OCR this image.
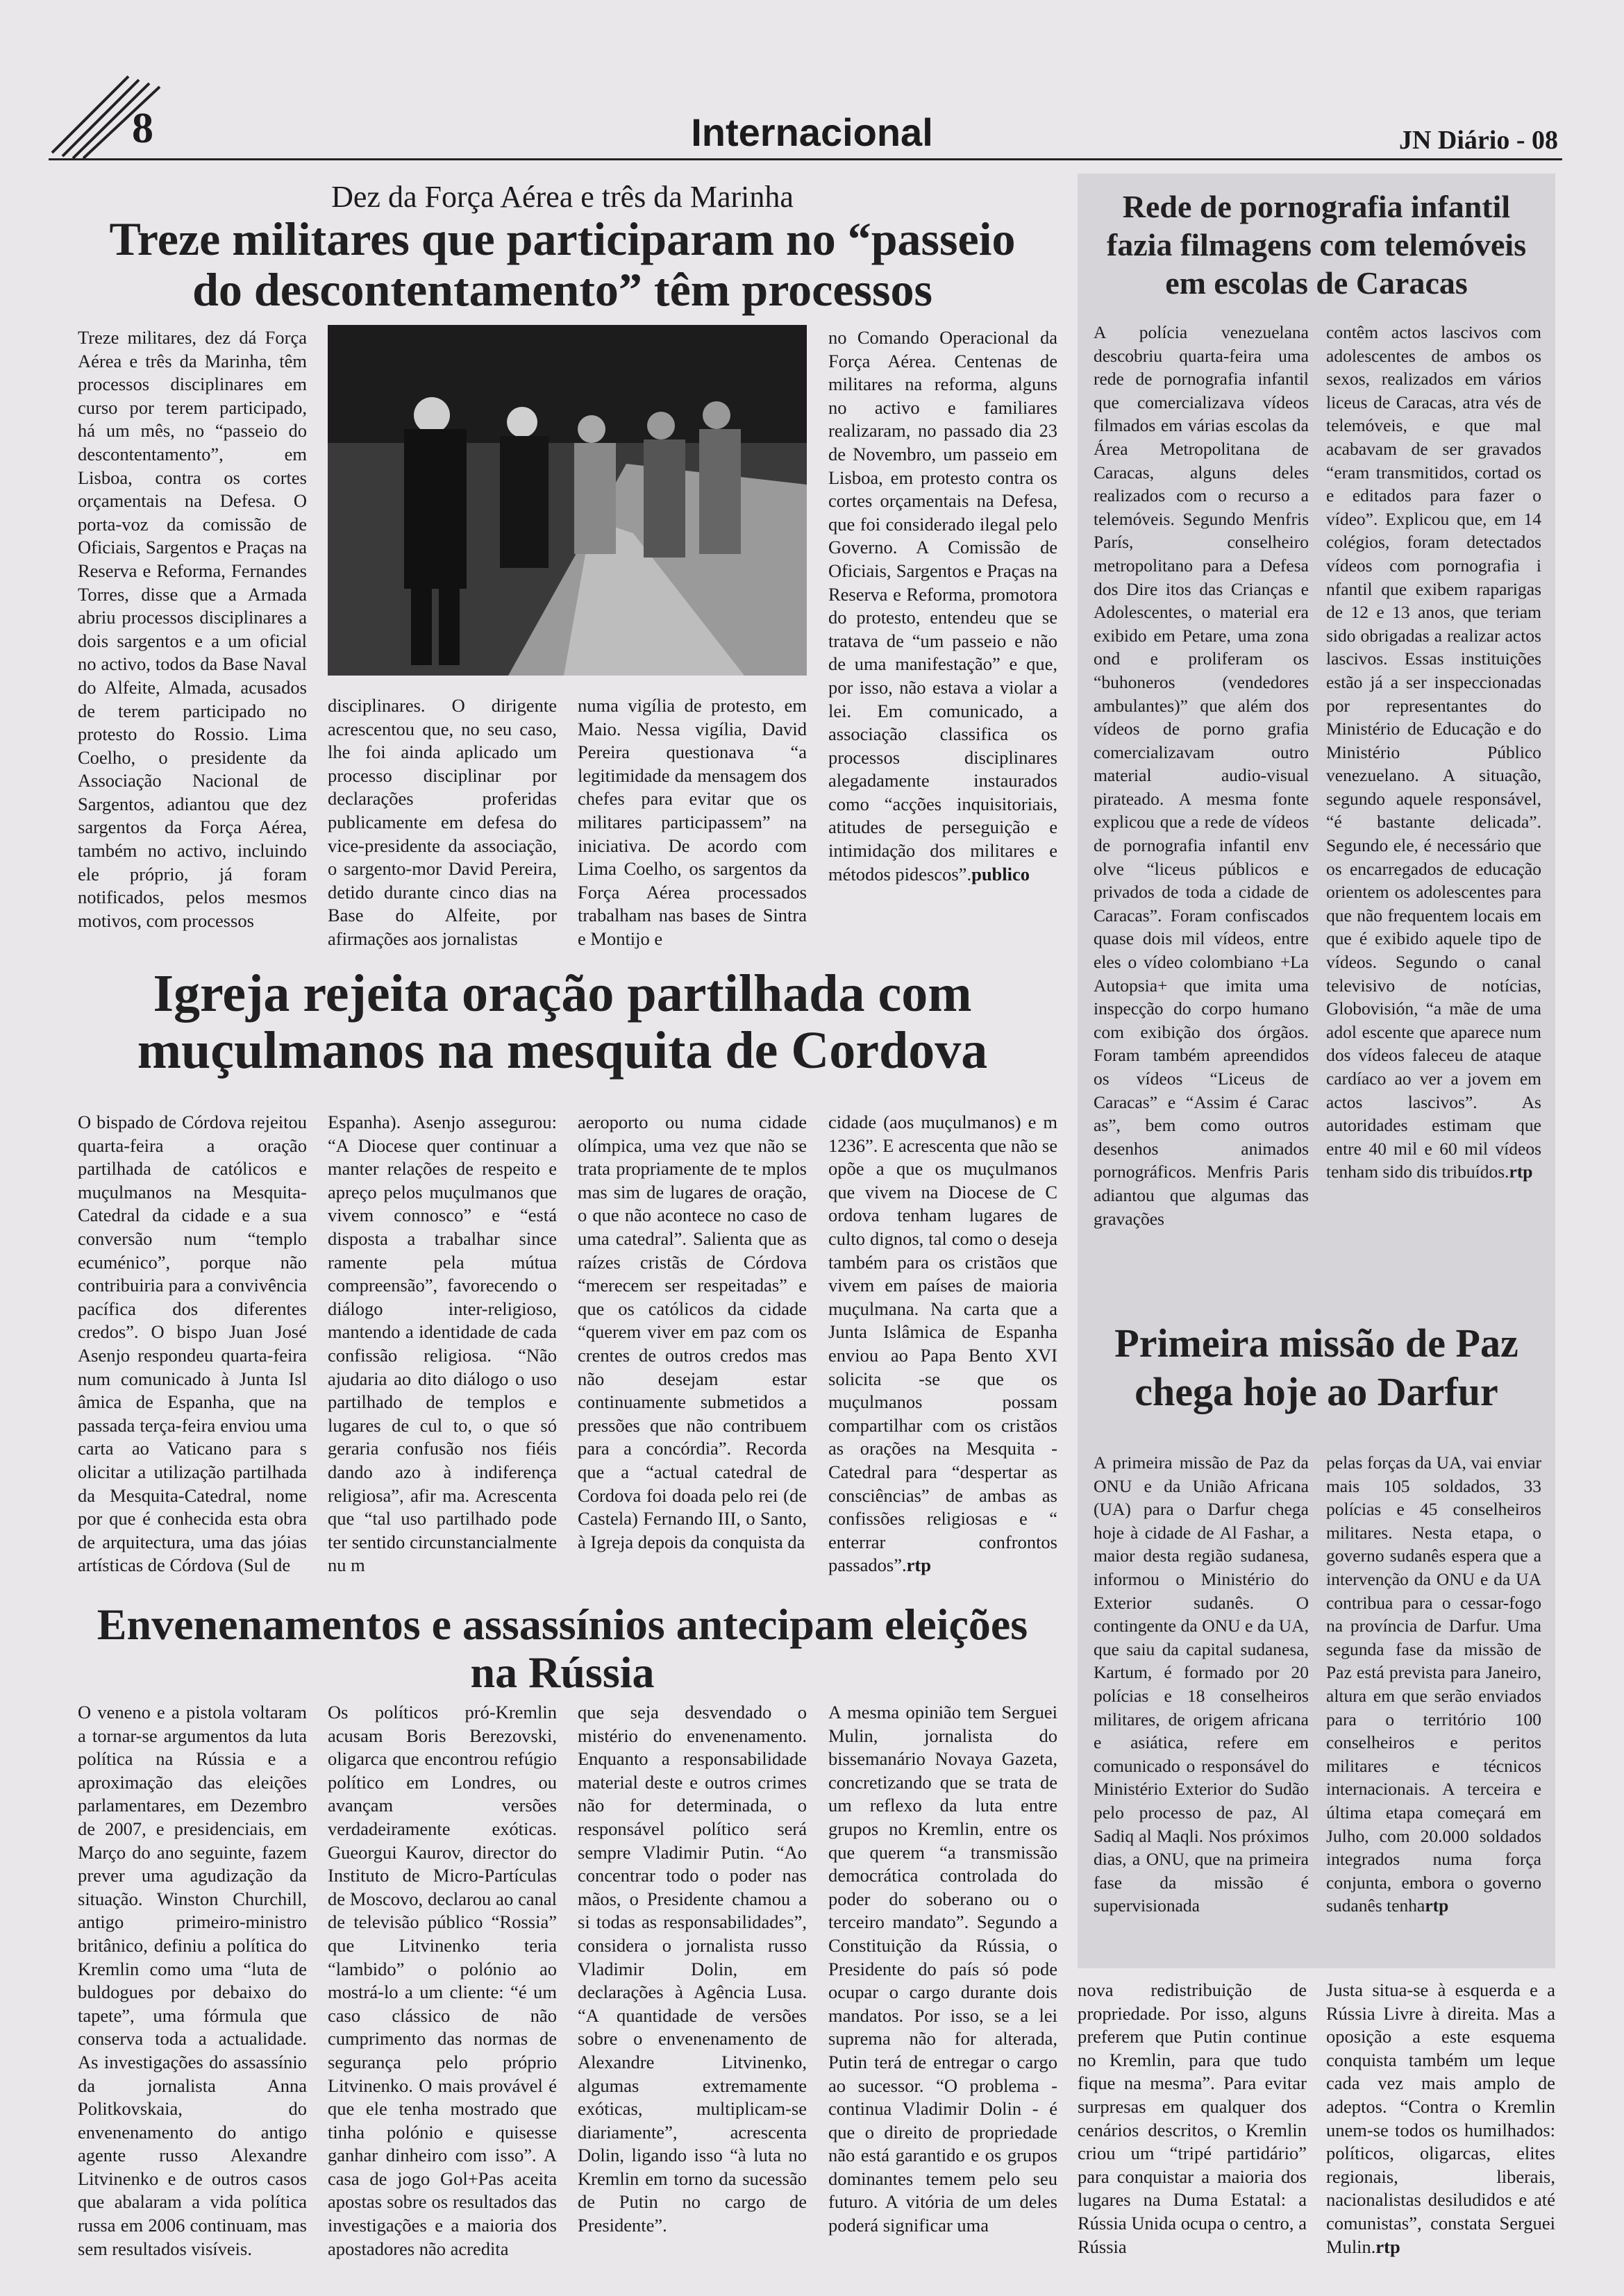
8	Internacional	JN Diário - 08
Dez da Força Aérea e três da Marinha
Treze militares que participaram no “passeio
do descontentamento” têm processos
Treze militares, dez dá Força Aérea e três da Marinha, têm processos disciplinares em curso por terem participado, há um mês, no “passeio do descontentamento”, em Lisboa, contra os cortes orçamentais na Defesa. O porta-voz da comissão de Oficiais, Sargentos e Praças na Reserva e Reforma, Fernandes Torres, disse que a Armada abriu processos disciplinares a dois sargentos e a um oficial no activo, todos da Base Naval do Alfeite, Almada, acusados de terem participado no protesto do Rossio. Lima Coelho, o presidente da Associação Nacional de Sargentos, adiantou que dez sargentos da Força Aérea, também no activo, incluindo ele próprio, já foram notificados, pelos mesmos motivos, com processos
disciplinares. O dirigente acrescentou que, no seu caso, lhe foi ainda aplicado um processo disciplinar por declarações proferidas publicamente em defesa do vice-presidente da associação, o sargento-mor David Pereira, detido durante cinco dias na Base do Alfeite, por afirmações aos jornalistas
numa vigília de protesto, em Maio. Nessa vigília, David Pereira questionava “a legitimidade da mensagem dos chefes para evitar que os militares participassem” na iniciativa. De acordo com Lima Coelho, os sargentos da Força Aérea processados trabalham nas bases de Sintra e Montijo e
no Comando Operacional da Força Aérea. Centenas de militares na reforma, alguns no activo e familiares realizaram, no passado dia 23 de Novembro, um passeio em Lisboa, em protesto contra os cortes orçamentais na Defesa, que foi considerado ilegal pelo Governo. A Comissão de Oficiais, Sargentos e Praças na Reserva e Reforma, promotora do protesto, entendeu que se tratava de “um passeio e não de uma manifestação” e que, por isso, não estava a violar a lei. Em comunicado, a associação classifica os processos disciplinares alegadamente instaurados como “acções inquisitoriais, atitudes de perseguição e intimidação dos militares e métodos pidescos”.publico
Igreja rejeita oração partilhada com
muçulmanos na mesquita de Cordova
O bispado de Córdova rejeitou quarta-feira a oração partilhada de católicos e muçulmanos na Mesquita-Catedral da cidade e a sua conversão num “templo ecuménico”, porque não contribuiria para a convivência pacífica dos diferentes credos”. O bispo Juan José Asenjo respondeu quarta-feira num comunicado à Junta Isl âmica de Espanha, que na passada terça-feira enviou uma carta ao Vaticano para s olicitar a utilização partilhada da Mesquita-Catedral, nome por que é conhecida esta obra de arquitectura, uma das jóias artísticas de Córdova (Sul de
Espanha). Asenjo assegurou: “A Diocese quer continuar a manter relações de respeito e apreço pelos muçulmanos que vivem connosco” e “está disposta a trabalhar since ramente pela mútua compreensão”, favorecendo o diálogo inter-religioso, mantendo a identidade de cada confissão religiosa. “Não ajudaria ao dito diálogo o uso partilhado de templos e lugares de cul to, o que só geraria confusão nos fiéis dando azo à indiferença religiosa”, afir ma. Acrescenta que “tal uso partilhado pode ter sentido circunstancialmente nu m
aeroporto ou numa cidade olímpica, uma vez que não se trata propriamente de te mplos mas sim de lugares de oração, o que não acontece no caso de uma catedral”. Salienta que as raízes cristãs de Córdova “merecem ser respeitadas” e que os católicos da cidade “querem viver em paz com os crentes de outros credos mas não desejam estar continuamente submetidos a pressões que não contribuem para a concórdia”. Recorda que a “actual catedral de Cordova foi doada pelo rei (de Castela) Fernando III, o Santo, à Igreja depois da conquista da
cidade (aos muçulmanos) e m 1236”. E acrescenta que não se opõe a que os muçulmanos que vivem na Diocese de C ordova tenham lugares de culto dignos, tal como o deseja também para os cristãos que vivem em países de maioria muçulmana. Na carta que a Junta Islâmica de Espanha enviou ao Papa Bento XVI solicita -se que os muçulmanos possam compartilhar com os cristãos as orações na Mesquita - Catedral para “despertar as consciências” de ambas as confissões religiosas e “ enterrar confrontos passados”.rtp
Envenenamentos e assassínios antecipam eleições
na Rússia
O veneno e a pistola voltaram a tornar-se argumentos da luta política na Rússia e a aproximação das eleições parlamentares, em Dezembro de 2007, e presidenciais, em Março do ano seguinte, fazem prever uma agudização da situação. Winston Churchill, antigo primeiro-ministro britânico, definiu a política do Kremlin como uma “luta de buldogues por debaixo do tapete”, uma fórmula que conserva toda a actualidade. As investigações do assassínio da jornalista Anna Politkovskaia, do envenenamento do antigo agente russo Alexandre Litvinenko e de outros casos que abalaram a vida política russa em 2006 continuam, mas sem resultados visíveis.
Os políticos pró-Kremlin acusam Boris Berezovski, oligarca que encontrou refúgio político em Londres, ou avançam versões verdadeiramente exóticas. Gueorgui Kaurov, director do Instituto de Micro-Partículas de Moscovo, declarou ao canal de televisão público “Rossia” que Litvinenko teria “lambido” o polónio ao mostrá-lo a um cliente: “é um caso clássico de não cumprimento das normas de segurança pelo próprio Litvinenko. O mais provável é que ele tenha mostrado que tinha polónio e quisesse ganhar dinheiro com isso”. A casa de jogo Gol+Pas aceita apostas sobre os resultados das investigações e a maioria dos apostadores não acredita
que seja desvendado o mistério do envenenamento. Enquanto a responsabilidade material deste e outros crimes não for determinada, o responsável político será sempre Vladimir Putin. “Ao concentrar todo o poder nas mãos, o Presidente chamou a si todas as responsabilidades”, considera o jornalista russo Vladimir Dolin, em declarações à Agência Lusa. “A quantidade de versões sobre o envenenamento de Alexandre Litvinenko, algumas extremamente exóticas, multiplicam-se diariamente”, acrescenta Dolin, ligando isso “à luta no Kremlin em torno da sucessão de Putin no cargo de Presidente”.
A mesma opinião tem Serguei Mulin, jornalista do bissemanário Novaya Gazeta, concretizando que se trata de um reflexo da luta entre grupos no Kremlin, entre os que querem “a transmissão democrática controlada do poder do soberano ou o terceiro mandato”. Segundo a Constituição da Rússia, o Presidente do país só pode ocupar o cargo durante dois mandatos. Por isso, se a lei suprema não for alterada, Putin terá de entregar o cargo ao sucessor. “O problema - continua Vladimir Dolin - é que o direito de propriedade não está garantido e os grupos dominantes temem pelo seu futuro. A vitória de um deles poderá significar uma
nova redistribuição de propriedade. Por isso, alguns preferem que Putin continue no Kremlin, para que tudo fique na mesma”. Para evitar surpresas em qualquer dos cenários descritos, o Kremlin criou um “tripé partidário” para conquistar a maioria dos lugares na Duma Estatal: a Rússia Unida ocupa o centro, a Rússia
Justa situa-se à esquerda e a Rússia Livre à direita. Mas a oposição a este esquema conquista também um leque cada vez mais amplo de adeptos. “Contra o Kremlin unem-se todos os humilhados: políticos, oligarcas, elites regionais, liberais, nacionalistas desiludidos e até comunistas”, constata Serguei Mulin.rtp
Rede de pornografia infantil
fazia filmagens com telemóveis
em escolas de Caracas
A polícia venezuelana descobriu quarta-feira uma rede de pornografia infantil que comercializava vídeos filmados em várias escolas da Área Metropolitana de Caracas, alguns deles realizados com o recurso a telemóveis. Segundo Menfris París, conselheiro metropolitano para a Defesa dos Dire itos das Crianças e Adolescentes, o material era exibido em Petare, uma zona ond e proliferam os “buhoneros (vendedores ambulantes)” que além dos vídeos de porno grafia comercializavam outro material audio-visual pirateado. A mesma fonte explicou que a rede de vídeos de pornografia infantil env olve “liceus públicos e privados de toda a cidade de Caracas”. Foram confiscados quase dois mil vídeos, entre eles o vídeo colombiano +La Autopsia+ que imita uma inspecção do corpo humano com exibição dos órgãos. Foram também apreendidos os vídeos “Liceus de Caracas” e “Assim é Carac as”, bem como outros desenhos animados pornográficos. Menfris Paris adiantou que algumas das gravações
contêm actos lascivos com adolescentes de ambos os sexos, realizados em vários liceus de Caracas, atra vés de telemóveis, e que mal acabavam de ser gravados “eram transmitidos, cortad os e editados para fazer o vídeo”. Explicou que, em 14 colégios, foram detectados vídeos com pornografia i nfantil que exibem raparigas de 12 e 13 anos, que teriam sido obrigadas a realizar actos lascivos. Essas instituições estão já a ser inspeccionadas por representantes do Ministério de Educação e do Ministério Público venezuelano. A situação, segundo aquele responsável, “é bastante delicada”. Segundo ele, é necessário que os encarregados de educação orientem os adolescentes para que não frequentem locais em que é exibido aquele tipo de vídeos. Segundo o canal televisivo de notícias, Globovisión, “a mãe de uma adol escente que aparece num dos vídeos faleceu de ataque cardíaco ao ver a jovem em actos lascivos”. As autoridades estimam que entre 40 mil e 60 mil vídeos tenham sido dis tribuídos.rtp
Primeira missão de Paz
chega hoje ao Darfur
A primeira missão de Paz da ONU e da União Africana (UA) para o Darfur chega hoje à cidade de Al Fashar, a maior desta região sudanesa, informou o Ministério do Exterior sudanês. O contingente da ONU e da UA, que saiu da capital sudanesa, Kartum, é formado por 20 polícias e 18 conselheiros militares, de origem africana e asiática, refere em comunicado o responsável do Ministério Exterior do Sudão pelo processo de paz, Al Sadiq al Maqli. Nos próximos dias, a ONU, que na primeira fase da missão é supervisionada
pelas forças da UA, vai enviar mais 105 soldados, 33 polícias e 45 conselheiros militares. Nesta etapa, o governo sudanês espera que a intervenção da ONU e da UA contribua para o cessar-fogo na província de Darfur. Uma segunda fase da missão de Paz está prevista para Janeiro, altura em que serão enviados para o território 100 conselheiros e peritos militares e técnicos internacionais. A terceira e última etapa começará em Julho, com 20.000 soldados integrados numa força conjunta, embora o governo sudanês tenhartp
